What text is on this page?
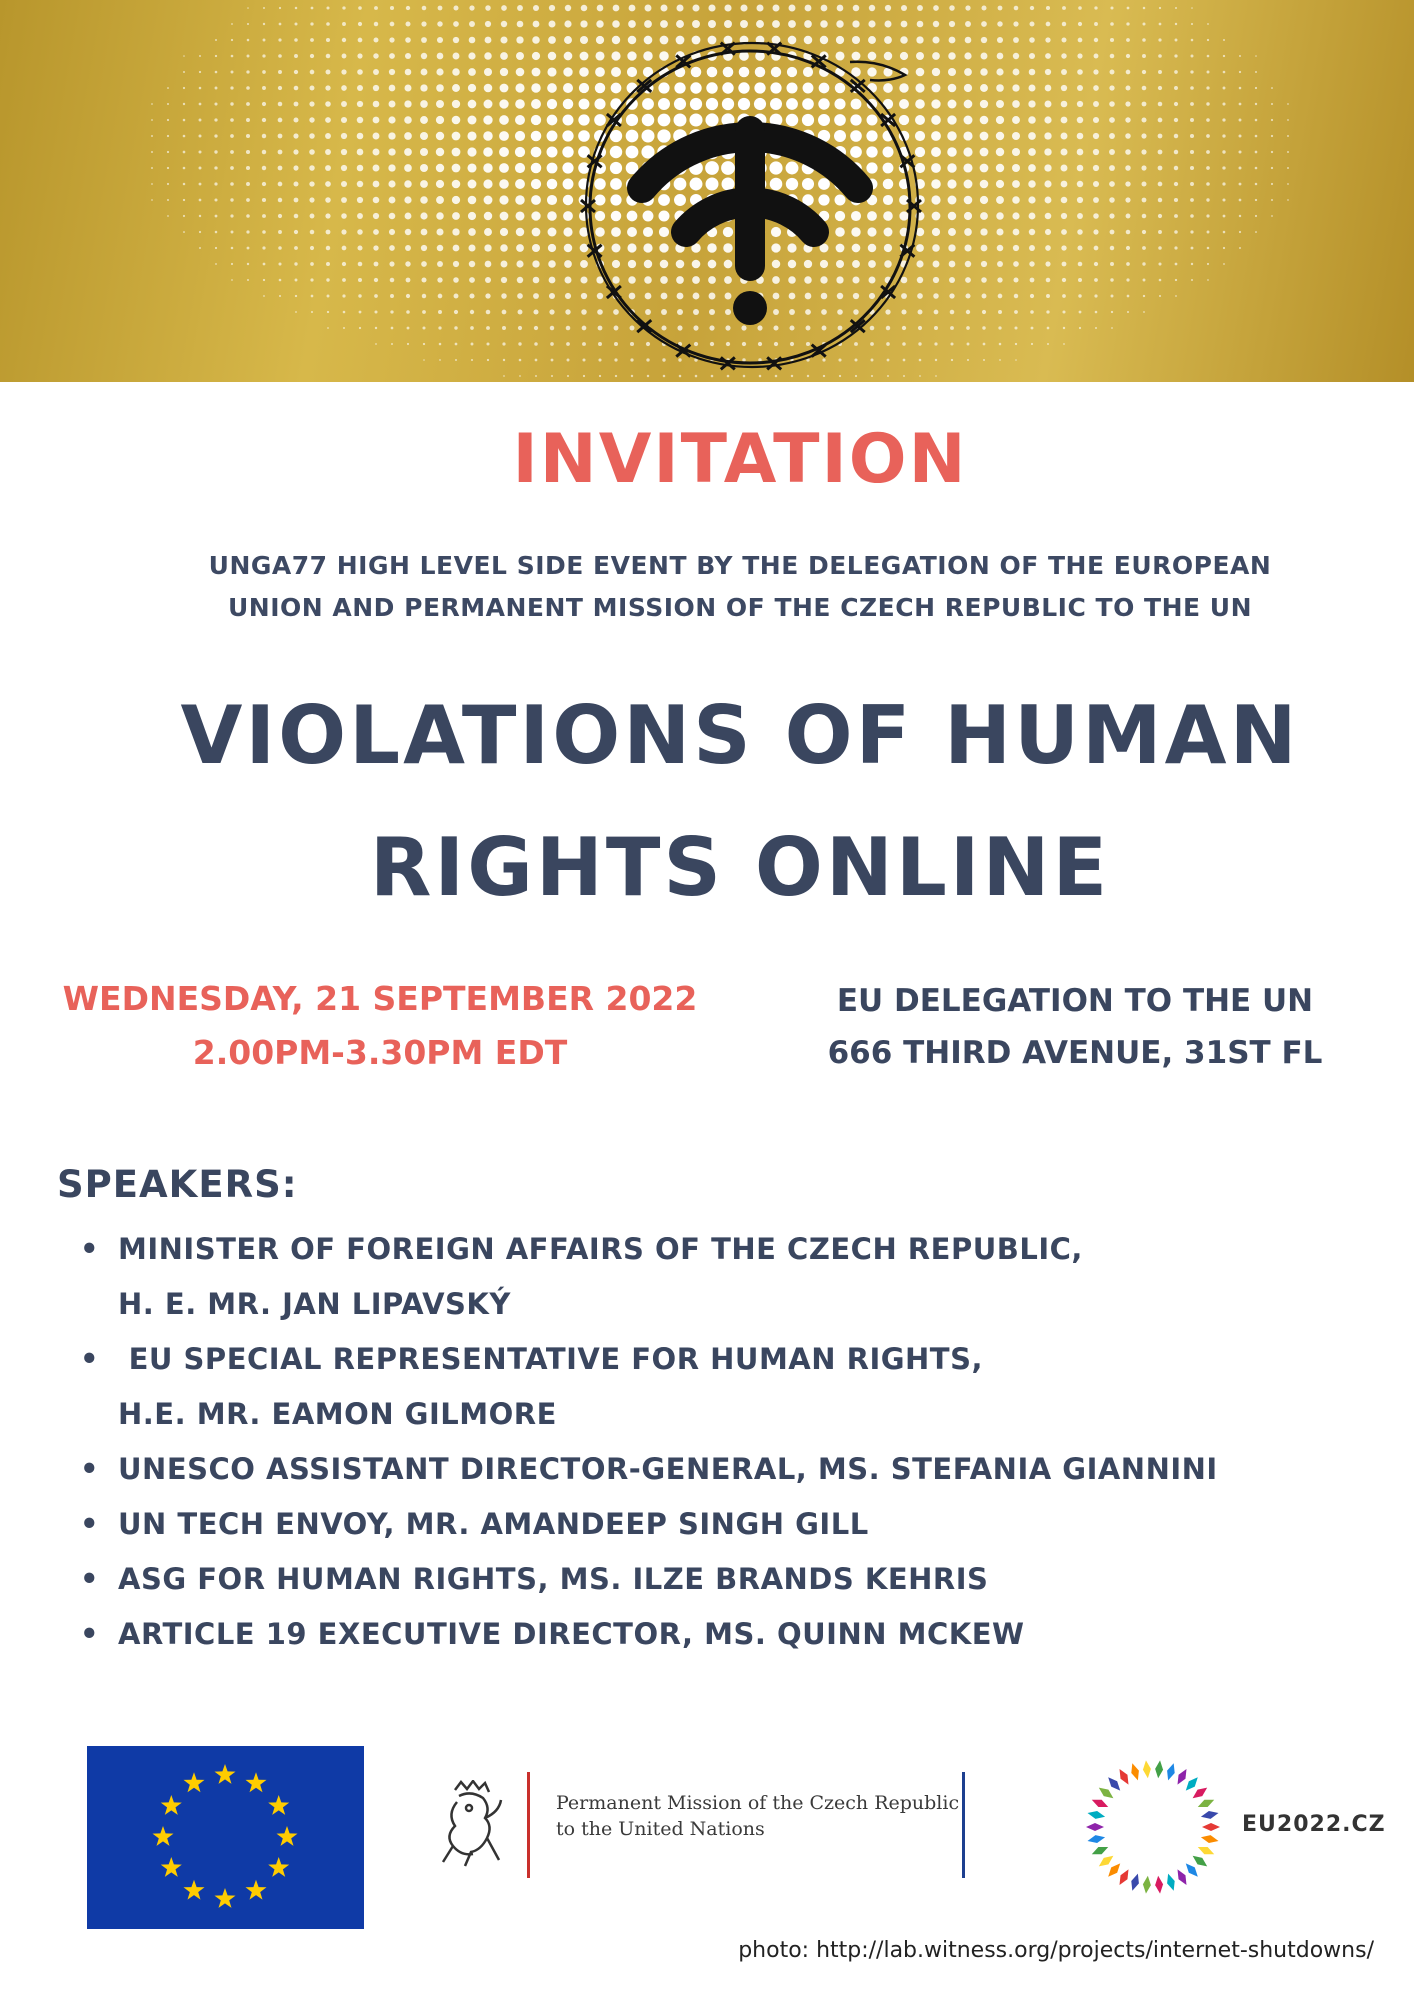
INVITATION
UNGA77 HIGH LEVEL SIDE EVENT BY THE DELEGATION OF THE EUROPEAN
UNION AND PERMANENT MISSION OF THE CZECH REPUBLIC TO THE UN
VIOLATIONS OF HUMAN
RIGHTS ONLINE
WEDNESDAY, 21 SEPTEMBER 2022
2.00PM-3.30PM EDT
EU DELEGATION TO THE UN
666 THIRD AVENUE, 31ST FL
SPEAKERS:
• MINISTER OF FOREIGN AFFAIRS OF THE CZECH REPUBLIC,
H. E. MR. JAN LIPAVSKÝ
•  EU SPECIAL REPRESENTATIVE FOR HUMAN RIGHTS,
H.E. MR. EAMON GILMORE
• UNESCO ASSISTANT DIRECTOR-GENERAL, MS. STEFANIA GIANNINI
• UN TECH ENVOY, MR. AMANDEEP SINGH GILL
• ASG FOR HUMAN RIGHTS, MS. ILZE BRANDS KEHRIS
• ARTICLE 19 EXECUTIVE DIRECTOR, MS. QUINN MCKEW
Permanent Mission of the Czech Republic
to the United Nations	EU2022.CZ
photo: http://lab.witness.org/projects/internet-shutdowns/
